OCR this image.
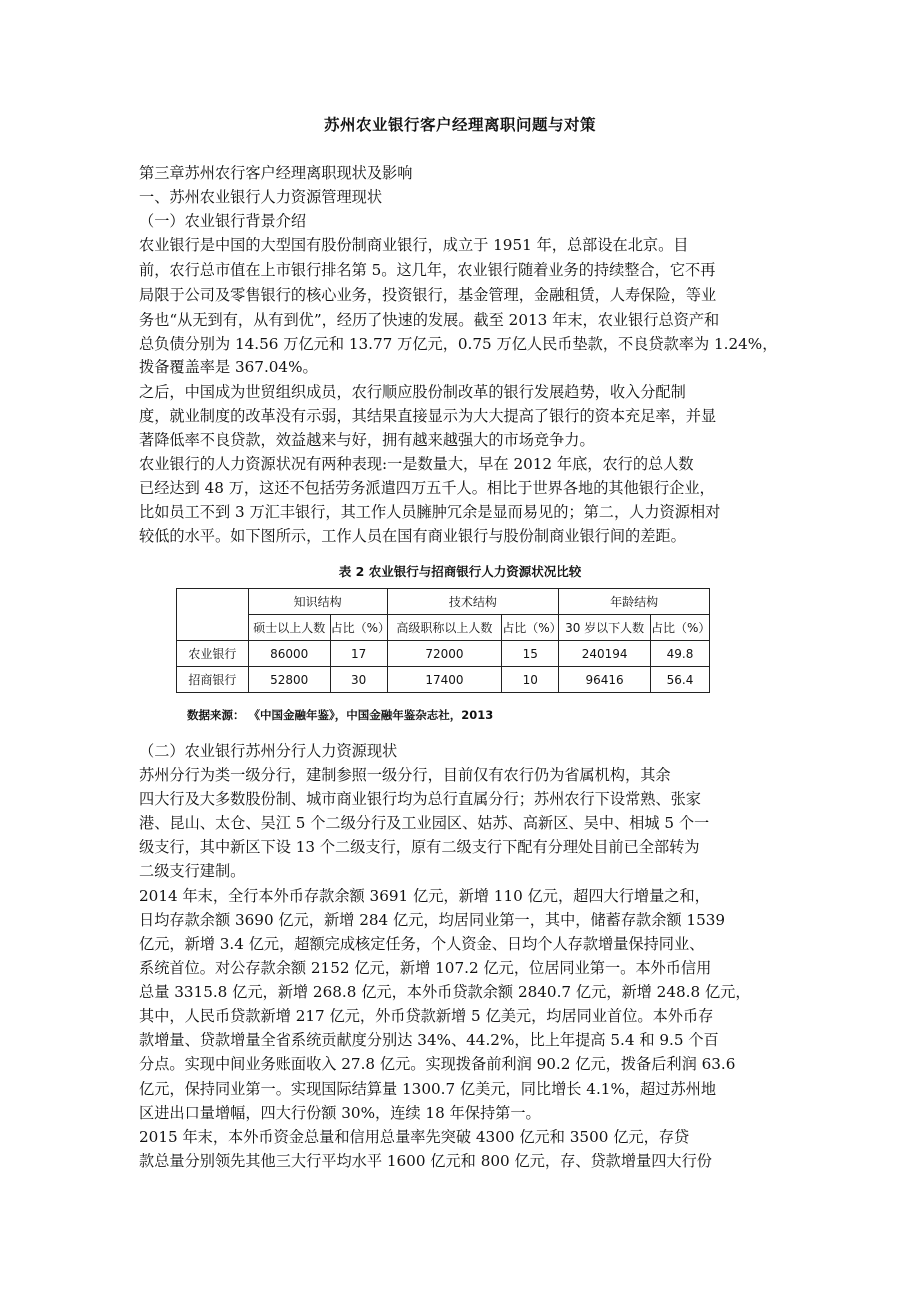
苏州农业银行客户经理离职问题与对策
第三章苏州农行客户经理离职现状及影响
一、苏州农业银行人力资源管理现状
（一）农业银行背景介绍
农业银行是中国的大型国有股份制商业银行，成立于 1951 年，总部设在北京。目
前，农行总市值在上市银行排名第 5。这几年，农业银行随着业务的持续整合，它不再
局限于公司及零售银行的核心业务，投资银行，基金管理，金融租赁，人寿保险，等业
务也“从无到有，从有到优”，经历了快速的发展。截至 2013 年末，农业银行总资产和
总负债分别为 14.56 万亿元和 13.77 万亿元，0.75 万亿人民币垫款，不良贷款率为 1.24%，
拨备覆盖率是 367.04%。
之后，中国成为世贸组织成员，农行顺应股份制改革的银行发展趋势，收入分配制
度，就业制度的改革没有示弱，其结果直接显示为大大提高了银行的资本充足率，并显
著降低率不良贷款，效益越来与好，拥有越来越强大的市场竞争力。
农业银行的人力资源状况有两种表现:一是数量大，早在 2012 年底，农行的总人数
已经达到 48 万，这还不包括劳务派遣四万五千人。相比于世界各地的其他银行企业，
比如员工不到 3 万汇丰银行，其工作人员臃肿冗余是显而易见的；第二，人力资源相对
较低的水平。如下图所示，工作人员在国有商业银行与股份制商业银行间的差距。
表 2 农业银行与招商银行人力资源状况比较
	知识结构		技术结构		年龄结构	
	硕士以上人数	占比（%）	高级职称以上人数	占比（%）	30 岁以下人数	占比（%）
农业银行	86000	17	72000	15	240194	49.8
招商银行	52800	30	17400	10	96416	56.4
数据来源： 《中国金融年鉴》，中国金融年鉴杂志社，2013
（二）农业银行苏州分行人力资源现状
苏州分行为类一级分行，建制参照一级分行，目前仅有农行仍为省属机构，其余
四大行及大多数股份制、城市商业银行均为总行直属分行；苏州农行下设常熟、张家
港、昆山、太仓、吴江 5 个二级分行及工业园区、姑苏、高新区、吴中、相城 5 个一
级支行，其中新区下设 13 个二级支行，原有二级支行下配有分理处目前已全部转为
二级支行建制。
2014 年末，全行本外币存款余额 3691 亿元，新增 110 亿元，超四大行增量之和，
日均存款余额 3690 亿元，新增 284 亿元，均居同业第一，其中，储蓄存款余额 1539
亿元，新增 3.4 亿元，超额完成核定任务，个人资金、日均个人存款增量保持同业、
系统首位。对公存款余额 2152 亿元，新增 107.2 亿元，位居同业第一。本外币信用
总量 3315.8 亿元，新增 268.8 亿元，本外币贷款余额 2840.7 亿元，新增 248.8 亿元，
其中，人民币贷款新增 217 亿元，外币贷款新增 5 亿美元，均居同业首位。本外币存
款增量、贷款增量全省系统贡献度分别达 34%、44.2%，比上年提高 5.4 和 9.5 个百
分点。实现中间业务账面收入 27.8 亿元。实现拨备前利润 90.2 亿元，拨备后利润 63.6
亿元，保持同业第一。实现国际结算量 1300.7 亿美元，同比增长 4.1%，超过苏州地
区进出口量增幅，四大行份额 30%，连续 18 年保持第一。
2015 年末，本外币资金总量和信用总量率先突破 4300 亿元和 3500 亿元，存贷
款总量分别领先其他三大行平均水平 1600 亿元和 800 亿元，存、贷款增量四大行份
